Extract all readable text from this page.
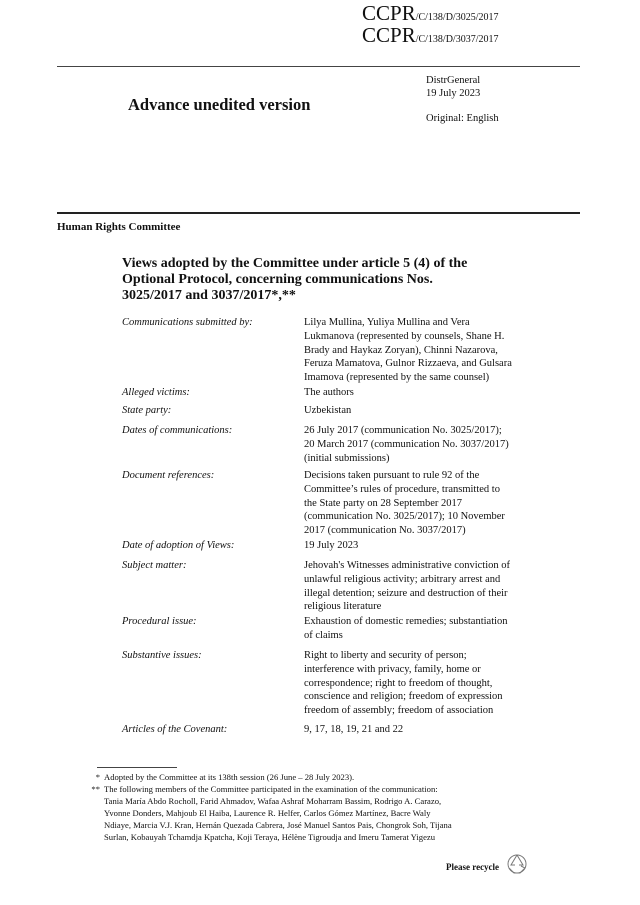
CCPR/C/138/D/3025/2017
CCPR/C/138/D/3037/2017
DistrGeneral
19 July 2023
Original: English
Advance unedited version
Human Rights Committee
Views adopted by the Committee under article 5 (4) of the
Optional Protocol, concerning communications Nos.
3025/2017 and 3037/2017*,**
Communications submitted by:	Lilya Mullina, Yuliya Mullina and Vera
Lukmanova (represented by counsels, Shane H.
Brady and Haykaz Zoryan), Chinni Nazarova,
Feruza Mamatova, Gulnor Rizzaeva, and Gulsara
Imamova (represented by the same counsel)
Alleged victims:	The authors
State party:	Uzbekistan
Dates of communications:	26 July 2017 (communication No. 3025/2017);
20 March 2017 (communication No. 3037/2017)
(initial submissions)
Document references:	Decisions taken pursuant to rule 92 of the
Committee’s rules of procedure, transmitted to
the State party on 28 September 2017
(communication No. 3025/2017); 10 November
2017 (communication No. 3037/2017)
Date of adoption of Views:	19 July 2023
Subject matter:	Jehovah's Witnesses administrative conviction of
unlawful religious activity; arbitrary arrest and
illegal detention; seizure and destruction of their
religious literature
Procedural issue:	Exhaustion of domestic remedies; substantiation
of claims
Substantive issues:	Right to liberty and security of person;
interference with privacy, family, home or
correspondence; right to freedom of thought,
conscience and religion; freedom of expression
freedom of assembly; freedom of association
Articles of the Covenant:	9, 17, 18, 19, 21 and 22
* Adopted by the Committee at its 138th session (26 June – 28 July 2023).
** The following members of the Committee participated in the examination of the communication:
Tania María Abdo Rocholl, Farid Ahmadov, Wafaa Ashraf Moharram Bassim, Rodrigo A. Carazo,
Yvonne Donders, Mahjoub El Haiba, Laurence R. Helfer, Carlos Gómez Martínez, Bacre Waly
Ndiaye, Marcia V.J. Kran, Hernán Quezada Cabrera, José Manuel Santos Pais, Chongrok Soh, Tijana
Surlan, Kobauyah Tchamdja Kpatcha, Koji Teraya, Hélène Tigroudja and Imeru Tamerat Yigezu
Please recycle
